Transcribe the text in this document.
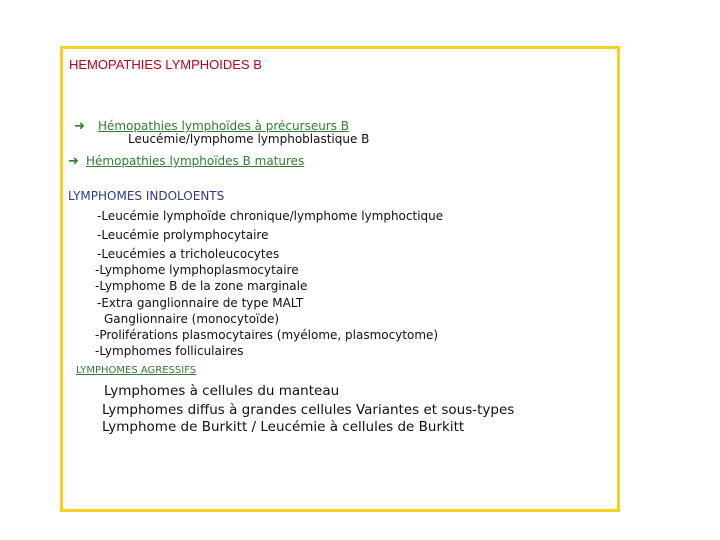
HEMOPATHIES LYMPHOIDES B
➜ Hémopathies lymphoïdes à précurseurs B
Leucémie/lymphome lymphoblastique B
➜ Hémopathies lymphoïdes B matures
LYMPHOMES INDOLOENTS
-Leucémie lymphoïde chronique/lymphome lymphoctique
-Leucémie prolymphocytaire
-Leucémies a tricholeucocytes
-Lymphome lymphoplasmocytaire
-Lymphome B de la zone marginale
-Extra ganglionnaire de type MALT
Ganglionnaire (monocytoïde)
-Proliférations plasmocytaires (myélome, plasmocytome)
-Lymphomes folliculaires
LYMPHOMES AGRESSIFS
Lymphomes à cellules du manteau
Lymphomes diffus à grandes cellules Variantes et sous-types
Lymphome de Burkitt / Leucémie à cellules de Burkitt
